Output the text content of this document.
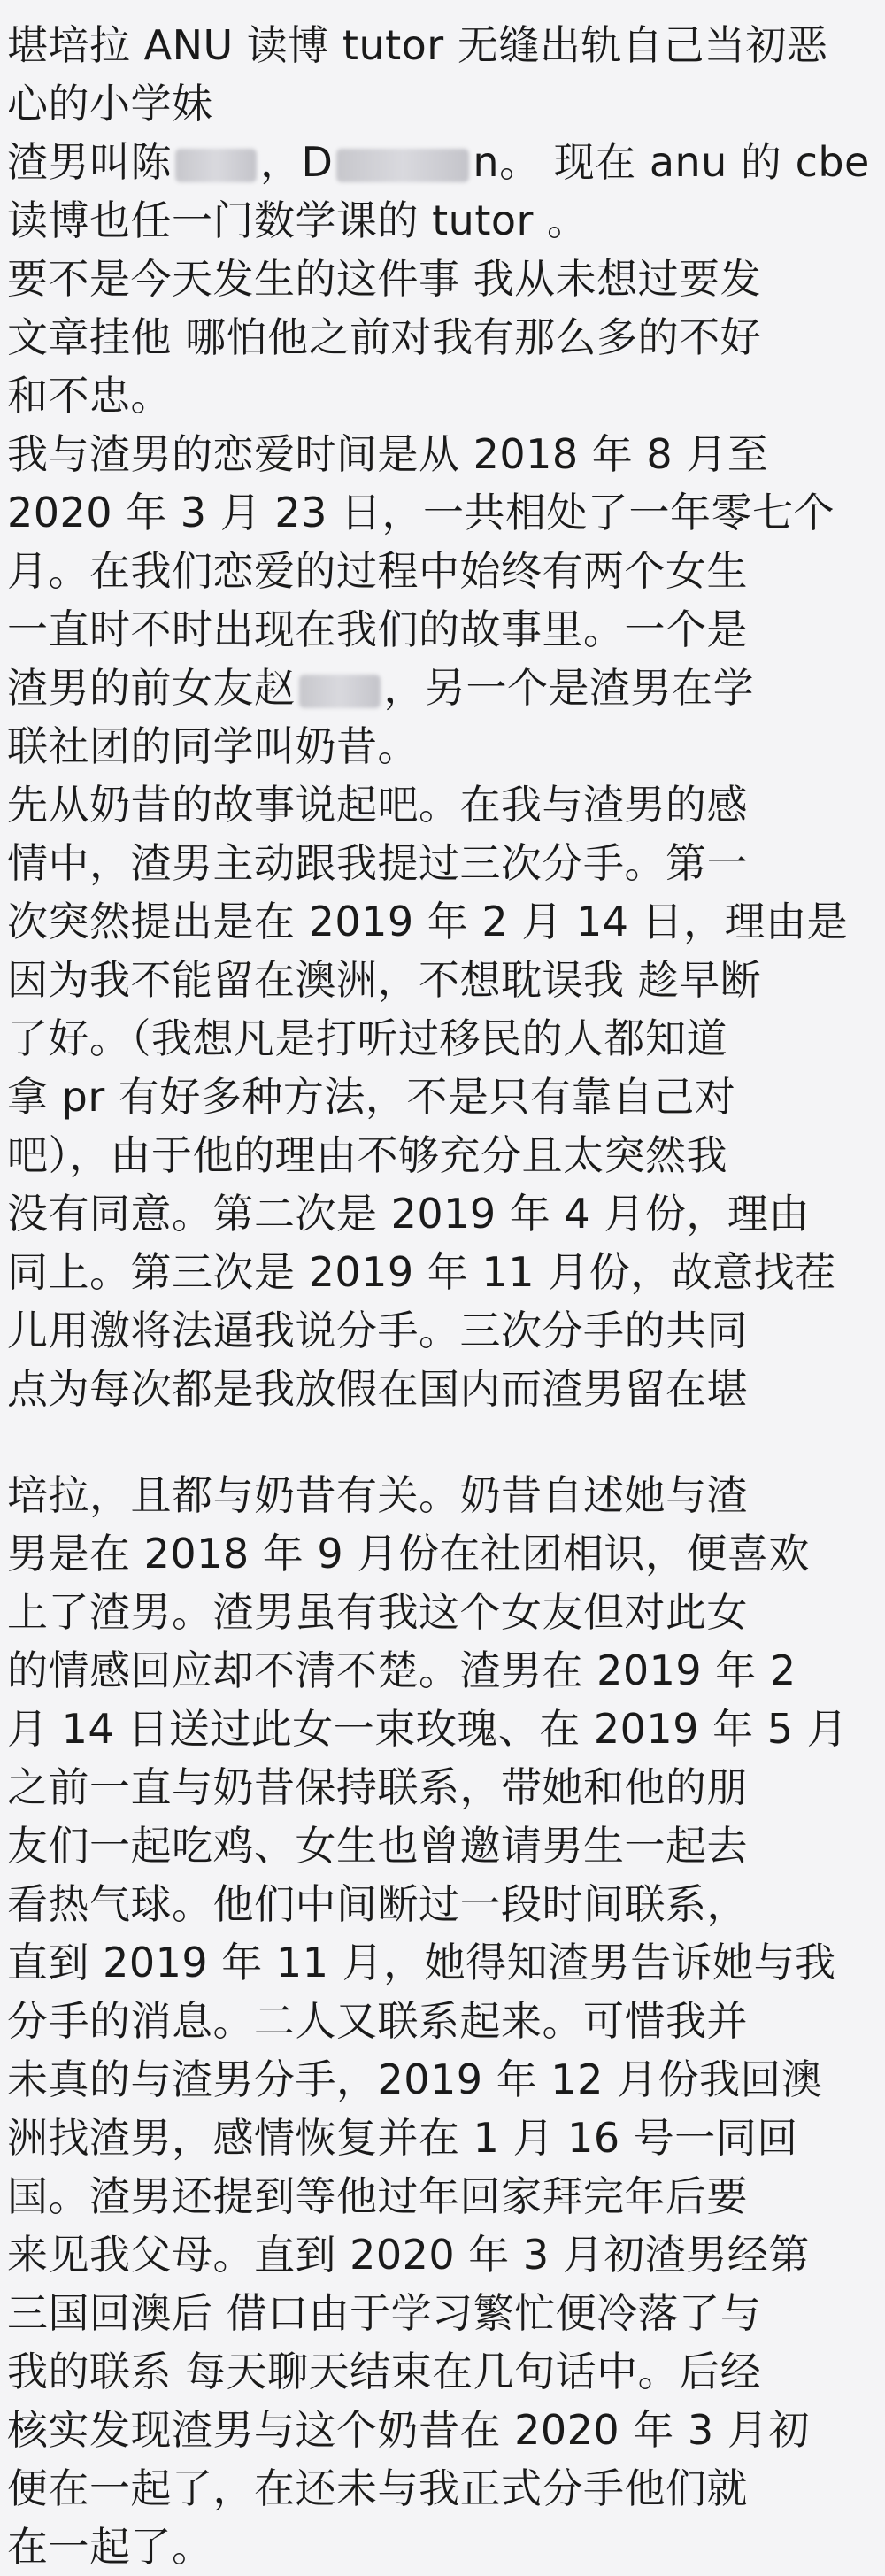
堪培拉 ANU 读博 tutor 无缝出轨自己当初恶
心的小学妹
渣男叫陈 ，D	n。 现在 anu 的 cbe
读博也任一门数学课的 tutor 。
要不是今天发生的这件事 我从未想过要发
文章挂他 哪怕他之前对我有那么多的不好
和不忠。
我与渣男的恋爱时间是从 2018 年 8 月至
2020 年 3 月 23 日，一共相处了一年零七个
月。在我们恋爱的过程中始终有两个女生
一直时不时出现在我们的故事里。一个是
渣男的前女友赵 ，另一个是渣男在学
联社团的同学叫奶昔。
先从奶昔的故事说起吧。在我与渣男的感
情中，渣男主动跟我提过三次分手。第一
次突然提出是在 2019 年 2 月 14 日，理由是
因为我不能留在澳洲，不想耽误我 趁早断
了好。（我想凡是打听过移民的人都知道
拿 pr 有好多种方法，不是只有靠自己对
吧），由于他的理由不够充分且太突然我
没有同意。第二次是 2019 年 4 月份，理由
同上。第三次是 2019 年 11 月份，故意找茬
儿用激将法逼我说分手。三次分手的共同
点为每次都是我放假在国内而渣男留在堪
培拉，且都与奶昔有关。奶昔自述她与渣
男是在 2018 年 9 月份在社团相识，便喜欢
上了渣男。渣男虽有我这个女友但对此女
的情感回应却不清不楚。渣男在 2019 年 2
月 14 日送过此女一束玫瑰、在 2019 年 5 月
之前一直与奶昔保持联系，带她和他的朋
友们一起吃鸡、女生也曾邀请男生一起去
看热气球。他们中间断过一段时间联系，
直到 2019 年 11 月，她得知渣男告诉她与我
分手的消息。二人又联系起来。可惜我并
未真的与渣男分手，2019 年 12 月份我回澳
洲找渣男，感情恢复并在 1 月 16 号一同回
国。渣男还提到等他过年回家拜完年后要
来见我父母。直到 2020 年 3 月初渣男经第
三国回澳后 借口由于学习繁忙便冷落了与
我的联系 每天聊天结束在几句话中。后经
核实发现渣男与这个奶昔在 2020 年 3 月初
便在一起了，在还未与我正式分手他们就
在一起了。
